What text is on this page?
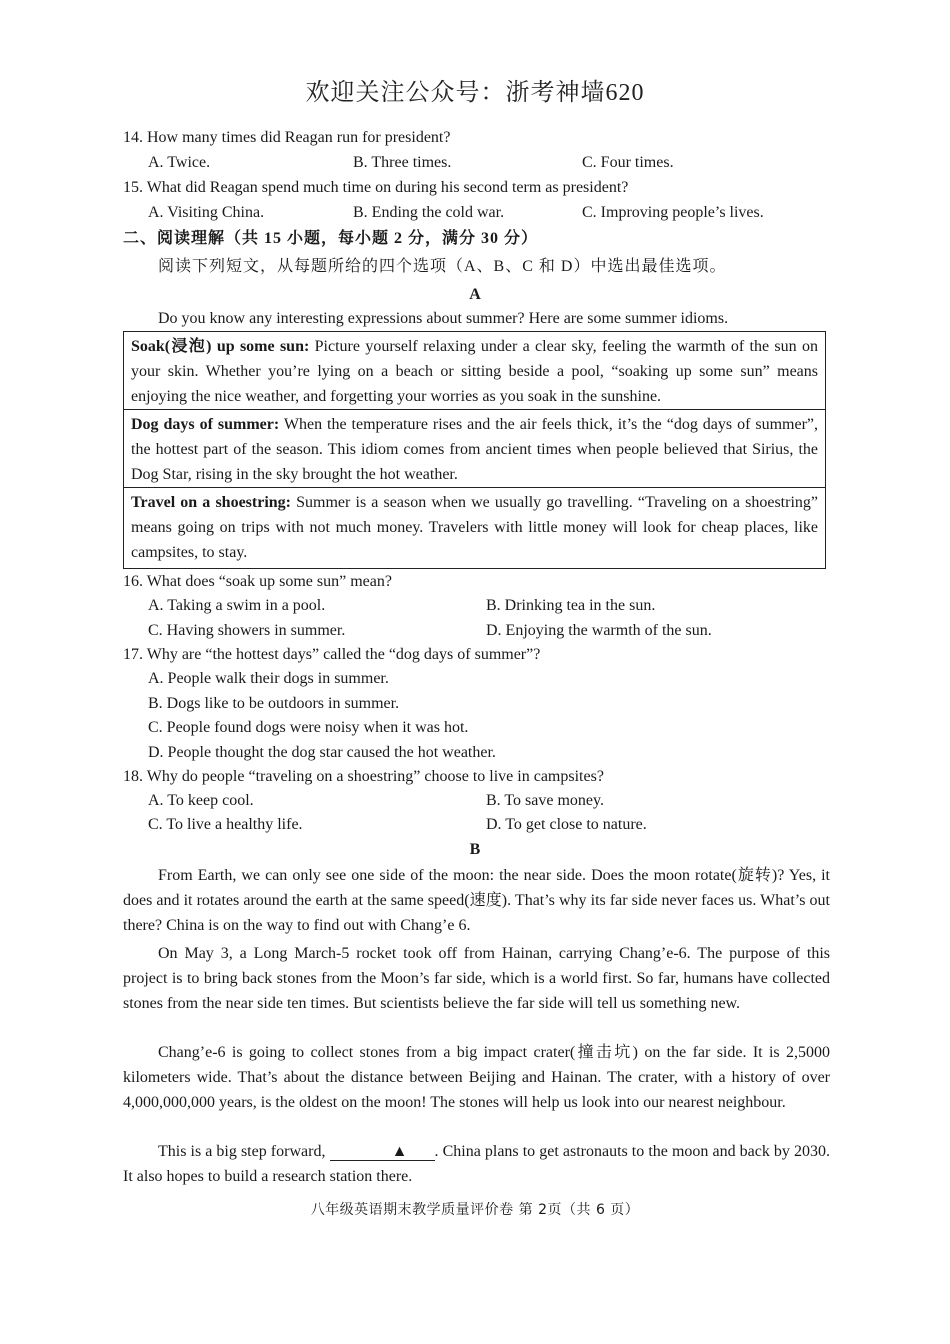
欢迎关注公众号：浙考神墙620
14. How many times did Reagan run for president?
A. Twice.	B. Three times.	C. Four times.
15. What did Reagan spend much time on during his second term as president?
A. Visiting China.	B. Ending the cold war.	C. Improving people’s lives.
二、阅读理解（共 15 小题，每小题 2 分，满分 30 分）
阅读下列短文，从每题所给的四个选项（A、B、C 和 D）中选出最佳选项。
A
Do you know any interesting expressions about summer? Here are some summer idioms.
Soak(浸泡) up some sun: Picture yourself relaxing under a clear sky, feeling the warmth of the sun on your skin. Whether you’re lying on a beach or sitting beside a pool, “soaking up some sun” means enjoying the nice weather, and forgetting your worries as you soak in the sunshine.
Dog days of summer: When the temperature rises and the air feels thick, it’s the “dog days of summer”, the hottest part of the season. This idiom comes from ancient times when people believed that Sirius, the Dog Star, rising in the sky brought the hot weather.
Travel on a shoestring: Summer is a season when we usually go travelling. “Traveling on a shoestring” means going on trips with not much money. Travelers with little money will look for cheap places, like campsites, to stay.
16. What does “soak up some sun” mean?
A. Taking a swim in a pool.	B. Drinking tea in the sun.
C. Having showers in summer.	D. Enjoying the warmth of the sun.
17. Why are “the hottest days” called the “dog days of summer”?
A. People walk their dogs in summer.
B. Dogs like to be outdoors in summer.
C. People found dogs were noisy when it was hot.
D. People thought the dog star caused the hot weather.
18. Why do people “traveling on a shoestring” choose to live in campsites?
A. To keep cool.	B. To save money.
C. To live a healthy life.	D. To get close to nature.
B
From Earth, we can only see one side of the moon: the near side. Does the moon rotate(旋转)? Yes, it does and it rotates around the earth at the same speed(速度). That’s why its far side never faces us. What’s out there? China is on the way to find out with Chang’e 6.
On May 3, a Long March-5 rocket took off from Hainan, carrying Chang’e-6. The purpose of this project is to bring back stones from the Moon’s far side, which is a world first. So far, humans have collected stones from the near side ten times. But scientists believe the far side will tell us something new.
Chang’e-6 is going to collect stones from a big impact crater(撞击坑) on the far side. It is 2,5000 kilometers wide. That’s about the distance between Beijing and Hainan. The crater, with a history of over 4,000,000,000 years, is the oldest on the moon! The stones will help us look into our nearest neighbour.
This is a big step forward,	▲ . China plans to get astronauts to the moon and back by 2030. It also hopes to build a research station there.
八年级英语期末教学质量评价卷 第 2页（共 6 页）
